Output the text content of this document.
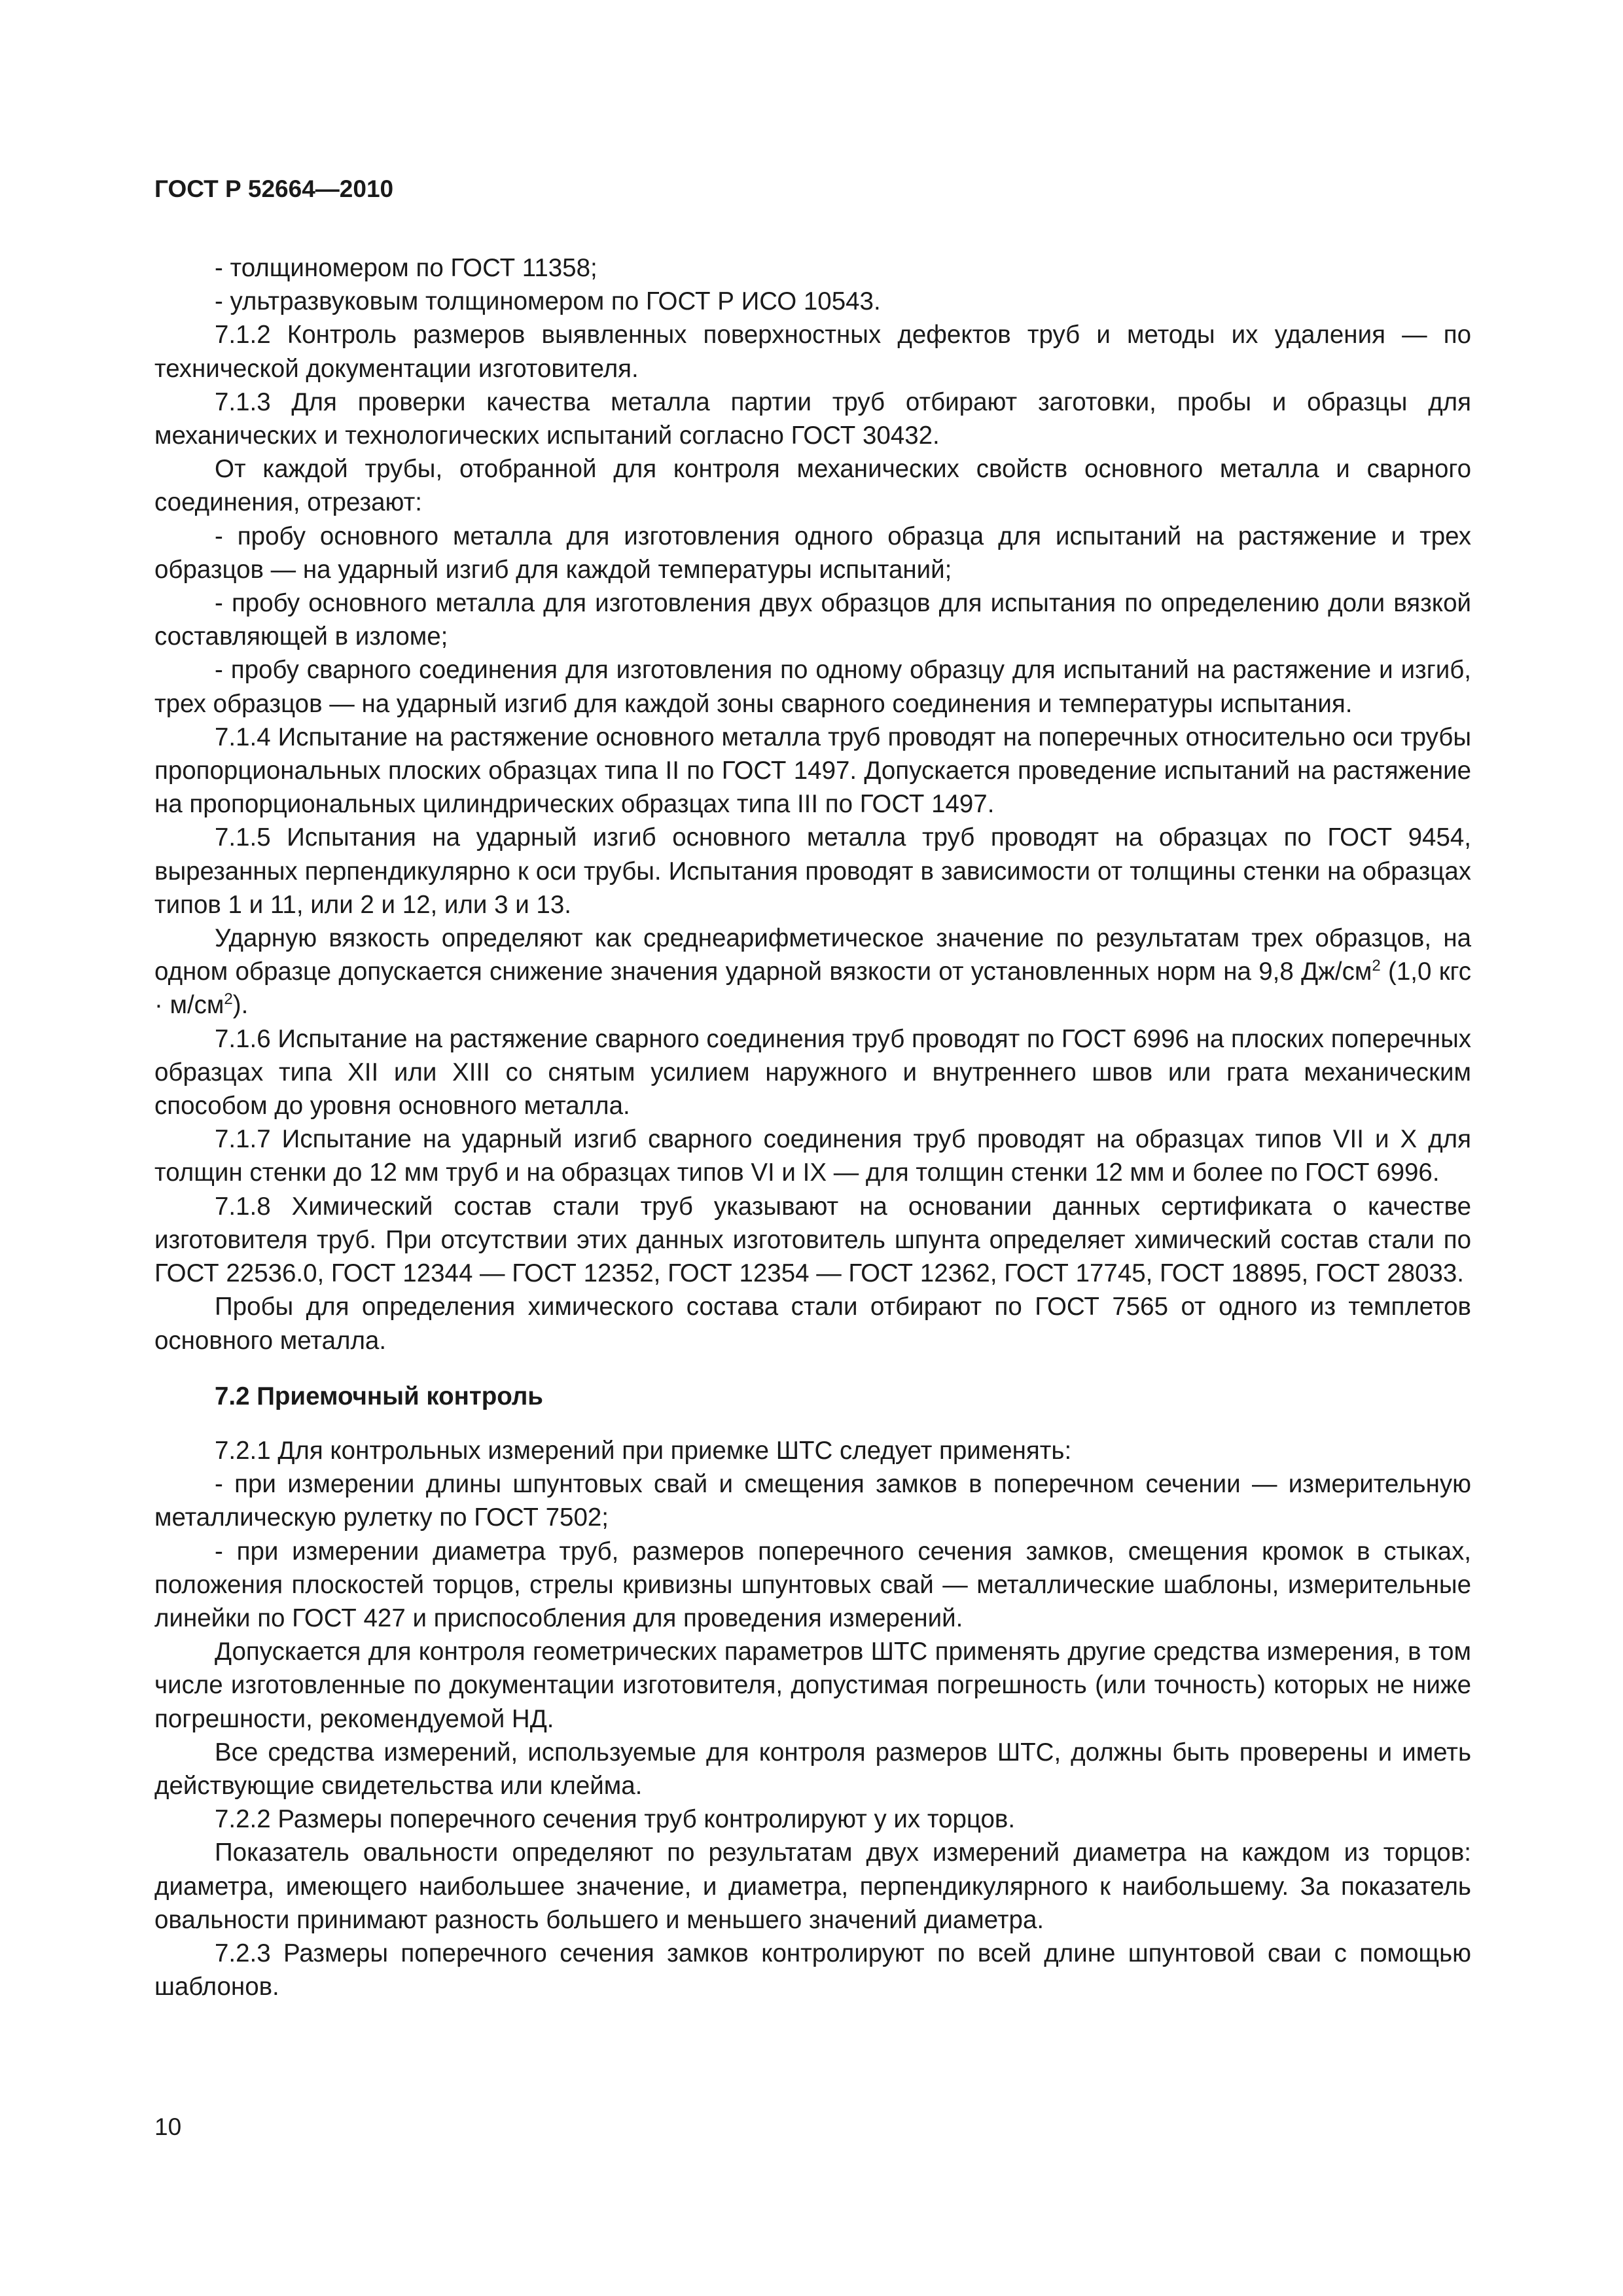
ГОСТ Р 52664—2010

- толщиномером по ГОСТ 11358;

- ультразвуковым толщиномером по ГОСТ Р ИСО 10543.

7.1.2 Контроль размеров выявленных поверхностных дефектов труб и методы их удаления — по технической документации изготовителя.

7.1.3 Для проверки качества металла партии труб отбирают заготовки, пробы и образцы для механических и технологических испытаний согласно ГОСТ 30432.

От каждой трубы, отобранной для контроля механических свойств основного металла и сварного соединения, отрезают:

- пробу основного металла для изготовления одного образца для испытаний на растяжение и трех образцов — на ударный изгиб для каждой температуры испытаний;

- пробу основного металла для изготовления двух образцов для испытания по определению доли вязкой составляющей в изломе;

- пробу сварного соединения для изготовления по одному образцу для испытаний на растяжение и изгиб, трех образцов — на ударный изгиб для каждой зоны сварного соединения и температуры испытания.

7.1.4 Испытание на растяжение основного металла труб проводят на поперечных относительно оси трубы пропорциональных плоских образцах типа II по ГОСТ 1497. Допускается проведение испытаний на растяжение на пропорциональных цилиндрических образцах типа III по ГОСТ 1497.

7.1.5 Испытания на ударный изгиб основного металла труб проводят на образцах по ГОСТ 9454, вырезанных перпендикулярно к оси трубы. Испытания проводят в зависимости от толщины стенки на образцах типов 1 и 11, или 2 и 12, или 3 и 13.

Ударную вязкость определяют как среднеарифметическое значение по результатам трех образцов, на одном образце допускается снижение значения ударной вязкости от установленных норм на 9,8 $Дж/см^2$ (1,0 кгс · $м/см^2$).

7.1.6 Испытание на растяжение сварного соединения труб проводят по ГОСТ 6996 на плоских поперечных образцах типа XII или XIII со снятым усилием наружного и внутреннего швов или грата механическим способом до уровня основного металла.

7.1.7 Испытание на ударный изгиб сварного соединения труб проводят на образцах типов VII и X для толщин стенки до 12 мм труб и на образцах типов VI и IX — для толщин стенки 12 мм и более по ГОСТ 6996.

7.1.8 Химический состав стали труб указывают на основании данных сертификата о качестве изготовителя труб. При отсутствии этих данных изготовитель шпунта определяет химический состав стали по ГОСТ 22536.0, ГОСТ 12344 — ГОСТ 12352, ГОСТ 12354 — ГОСТ 12362, ГОСТ 17745, ГОСТ 18895, ГОСТ 28033.

Пробы для определения химического состава стали отбирают по ГОСТ 7565 от одного из темплетов основного металла.

7.2 Приемочный контроль

7.2.1 Для контрольных измерений при приемке ШТС следует применять:

- при измерении длины шпунтовых свай и смещения замков в поперечном сечении — измерительную металлическую рулетку по ГОСТ 7502;

- при измерении диаметра труб, размеров поперечного сечения замков, смещения кромок в стыках, положения плоскостей торцов, стрелы кривизны шпунтовых свай — металлические шаблоны, измерительные линейки по ГОСТ 427 и приспособления для проведения измерений.

Допускается для контроля геометрических параметров ШТС применять другие средства измерения, в том числе изготовленные по документации изготовителя, допустимая погрешность (или точность) которых не ниже погрешности, рекомендуемой НД.

Все средства измерений, используемые для контроля размеров ШТС, должны быть проверены и иметь действующие свидетельства или клейма.

7.2.2 Размеры поперечного сечения труб контролируют у их торцов.

Показатель овальности определяют по результатам двух измерений диаметра на каждом из торцов: диаметра, имеющего наибольшее значение, и диаметра, перпендикулярного к наибольшему. За показатель овальности принимают разность большего и меньшего значений диаметра.

7.2.3 Размеры поперечного сечения замков контролируют по всей длине шпунтовой сваи с помощью шаблонов.

10
